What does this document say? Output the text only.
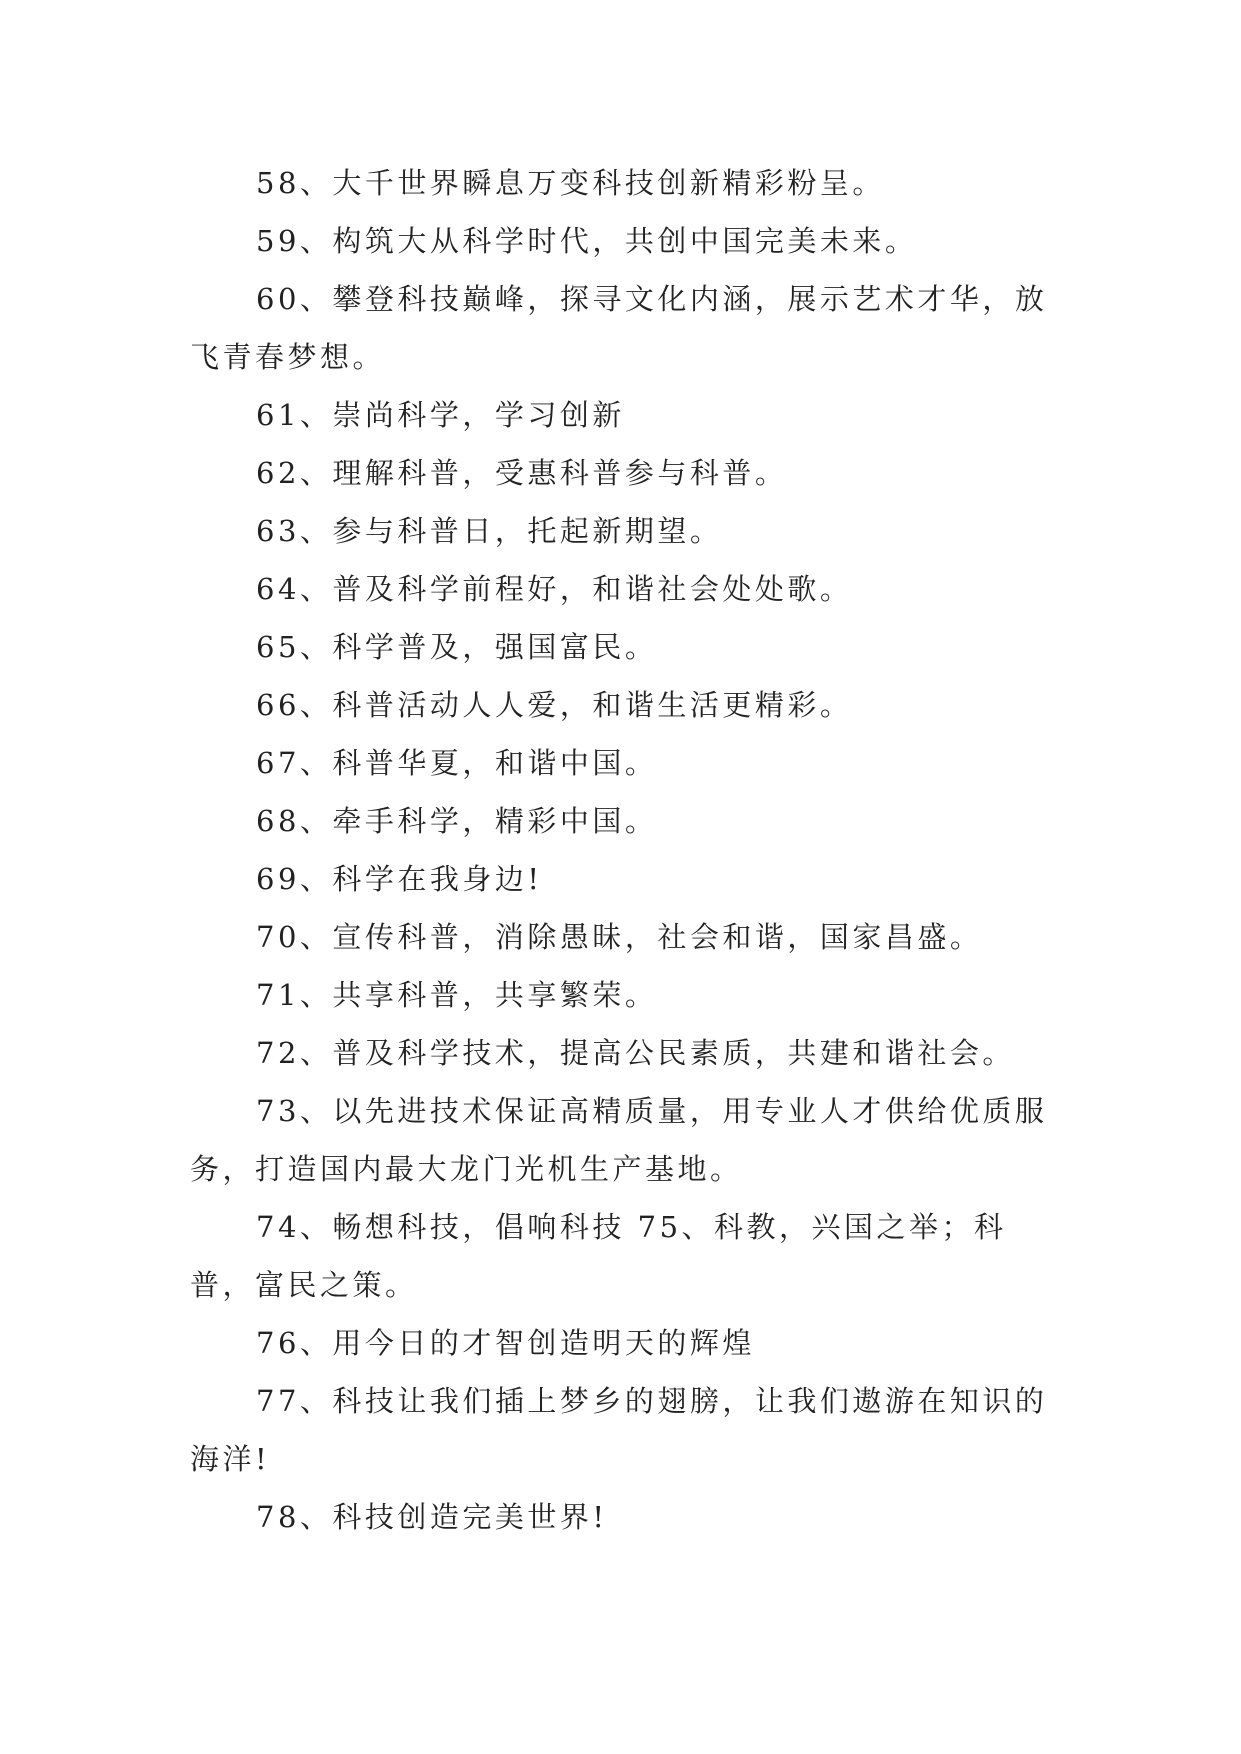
58、大千世界瞬息万变科技创新精彩粉呈。

59、构筑大从科学时代，共创中国完美未来。

60、攀登科技巅峰，探寻文化内涵，展示艺术才华，放飞青春梦想。

61、崇尚科学，学习创新

62、理解科普，受惠科普参与科普。

63、参与科普日，托起新期望。

64、普及科学前程好，和谐社会处处歌。

65、科学普及，强国富民。

66、科普活动人人爱，和谐生活更精彩。

67、科普华夏，和谐中国。

68、牵手科学，精彩中国。

69、科学在我身边!

70、宣传科普，消除愚昧，社会和谐，国家昌盛。

71、共享科普，共享繁荣。

72、普及科学技术，提高公民素质，共建和谐社会。

73、以先进技术保证高精质量，用专业人才供给优质服务，打造国内最大龙门光机生产基地。

74、畅想科技，倡响科技 75、科教，兴国之举；科普，富民之策。

76、用今日的才智创造明天的辉煌

77、科技让我们插上梦乡的翅膀，让我们遨游在知识的海洋!

78、科技创造完美世界!
